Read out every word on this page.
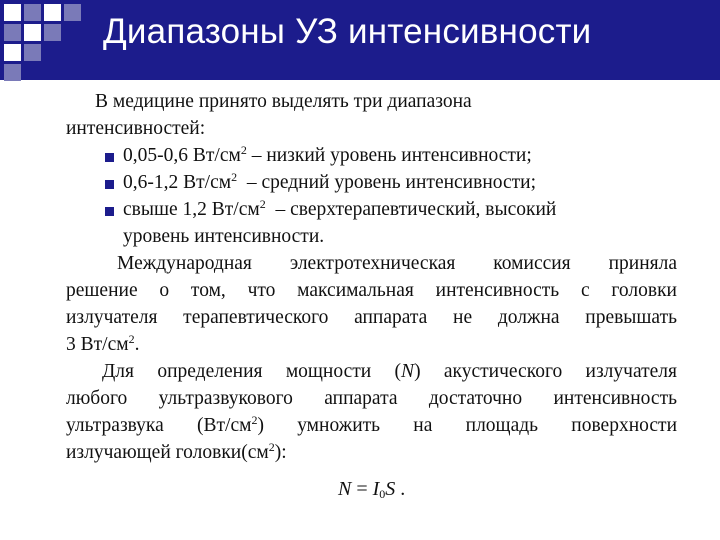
Диапазоны УЗ интенсивности
В медицине принято выделять три диапазона
интенсивностей:
0,05-0,6 $Вт/см^2$ – низкий уровень интенсивности;
0,6-1,2 $Вт/см^2$  – средний уровень интенсивности;
свыше 1,2 $Вт/см^2$  – сверхтерапевтический, высокий
уровень интенсивности.
Международная электротехническая комиссия приняла
решение о том, что максимальная интенсивность с головки
излучателя терапевтического аппарата не должна превышать
3 $Вт/см^2$.
Для определения мощности (N) акустического излучателя
любого ультразвукового аппарата достаточно интенсивность
ультразвука $(Вт/см^2)$ умножить на площадь поверхности
излучающей $головки(см^2)$:
$N = I_0S$ .
